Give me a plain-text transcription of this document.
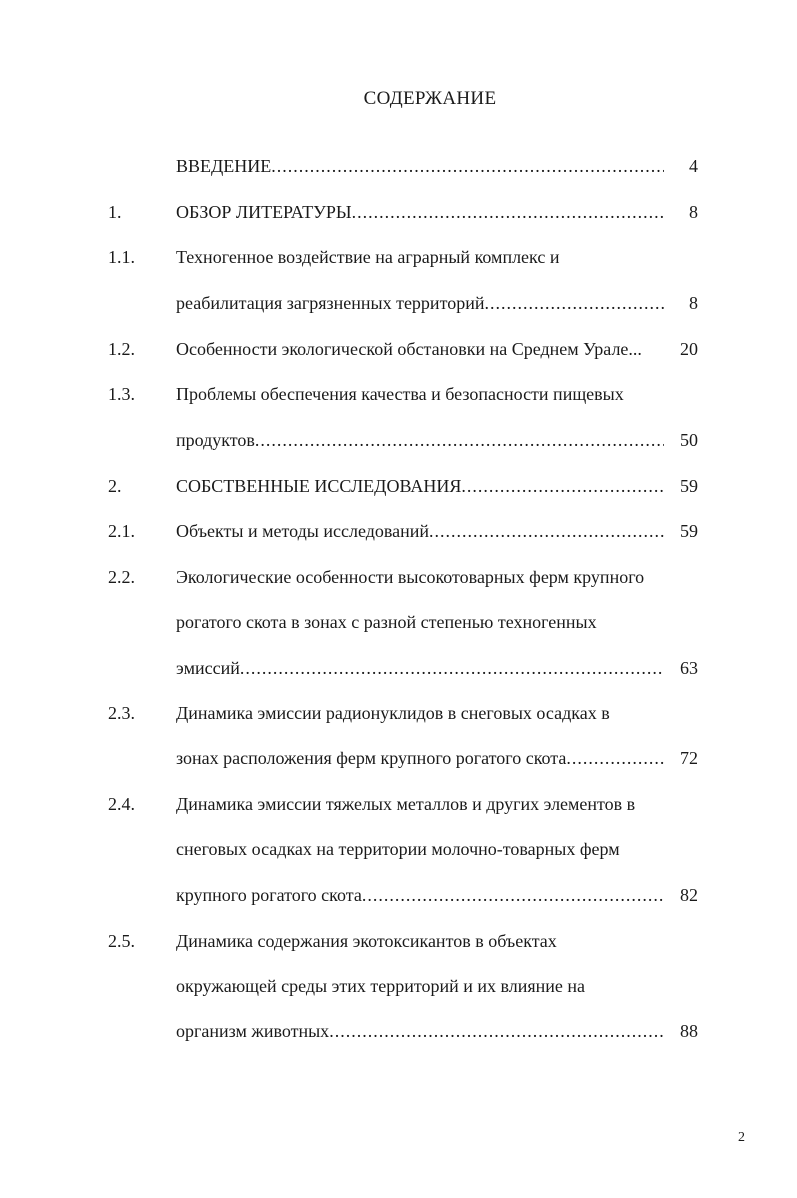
СОДЕРЖАНИЕ
ВВЕДЕНИЕ .....	4
1.	ОБЗОР ЛИТЕРАТУРЫ .....	8
1.1.	Техногенное воздействие на аграрный комплекс и
реабилитация загрязненных территорий .....	8
1.2.	Особенности экологической обстановки на Среднем Урале...	20
1.3.	Проблемы обеспечения качества и безопасности пищевых
продуктов .....	50
2.	СОБСТВЕННЫЕ ИССЛЕДОВАНИЯ .....	59
2.1.	Объекты и методы исследований .....	59
2.2.	Экологические особенности высокотоварных ферм крупного
рогатого скота в зонах с разной степенью техногенных
эмиссий .....	63
2.3.	Динамика эмиссии радионуклидов в снеговых осадках в
зонах расположения ферм крупного рогатого скота .....	72
2.4.	Динамика эмиссии тяжелых металлов и других элементов в
снеговых осадках на территории молочно-товарных ферм
крупного рогатого скота .....	82
2.5.	Динамика содержания экотоксикантов в объектах
окружающей среды этих территорий и их влияние на
организм животных .....	88
2
